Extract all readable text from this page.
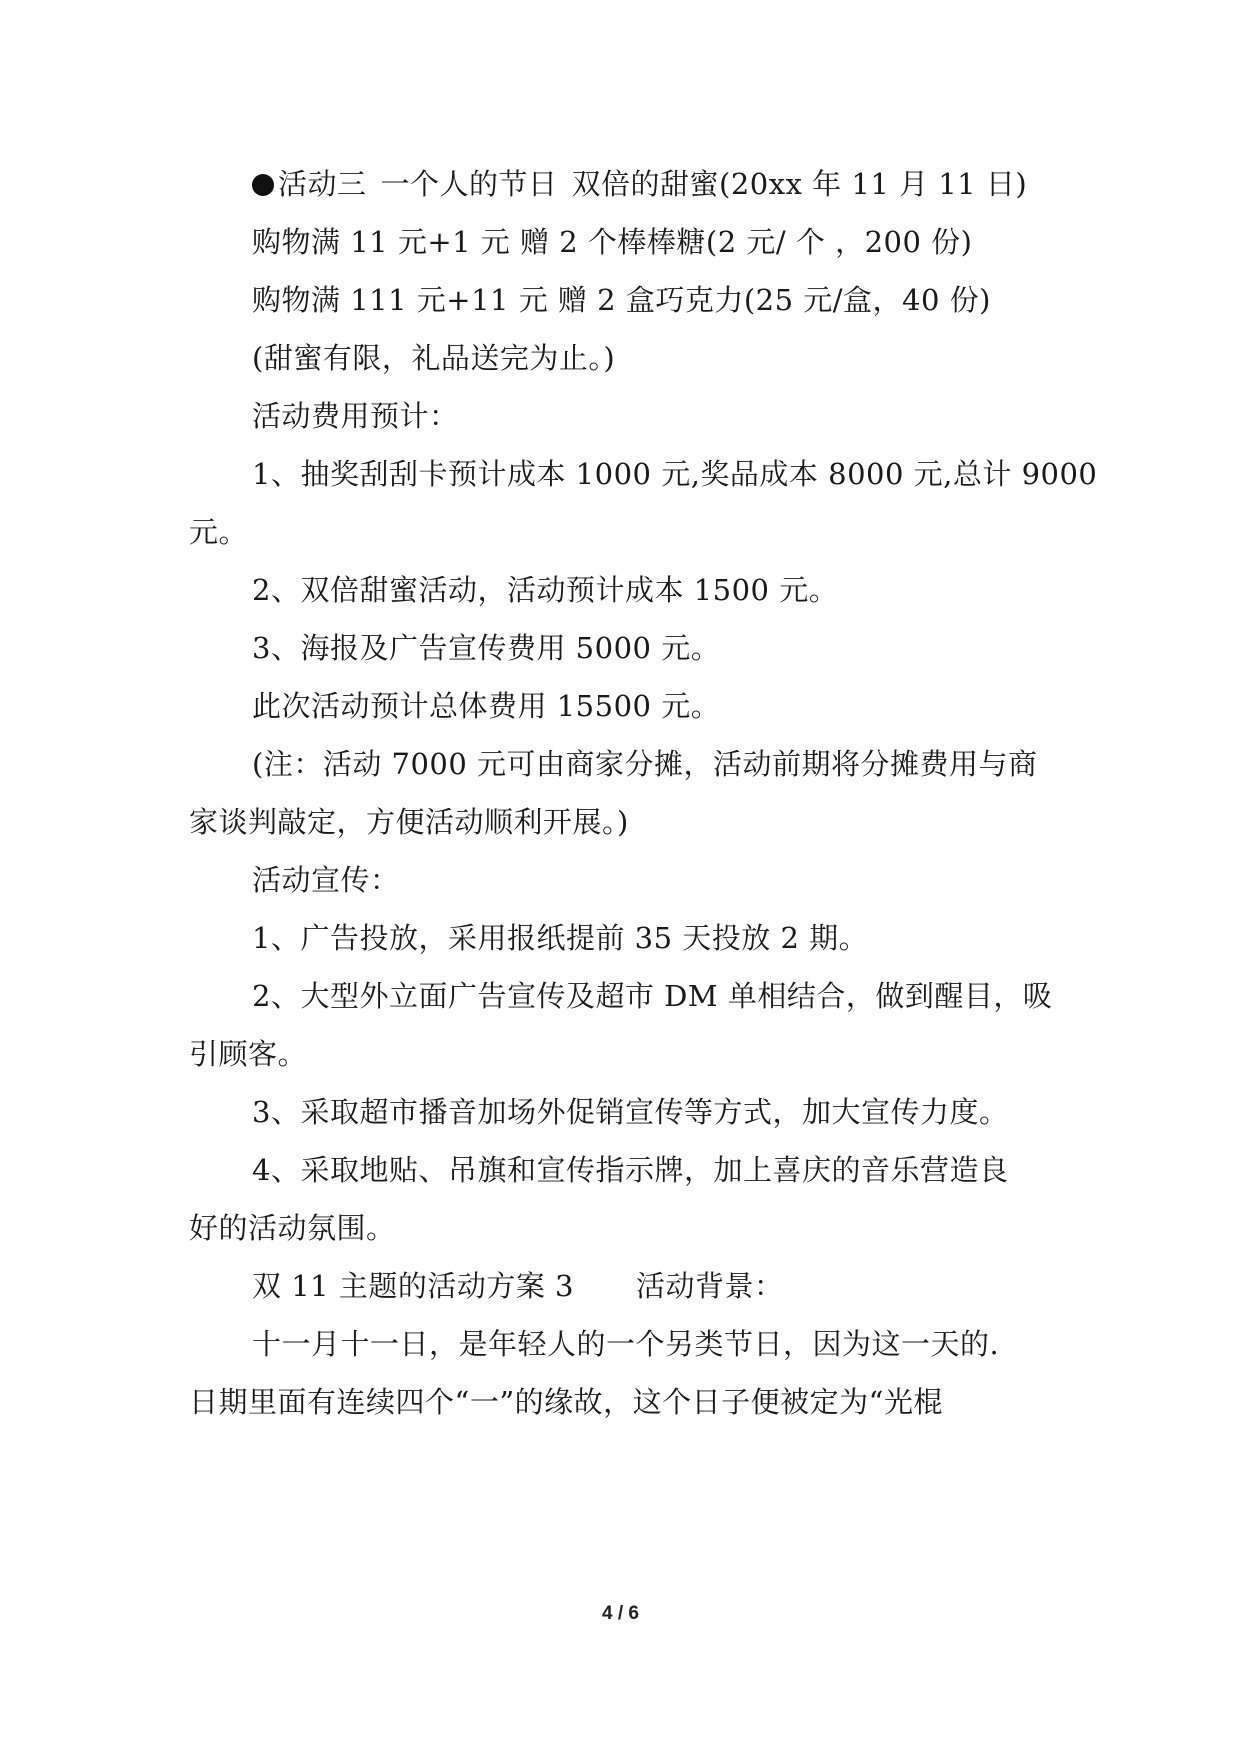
活动三 一个人的节日 双倍的甜蜜(20xx 年 11 月 11 日)
购物满 11 元+1 元 赠 2 个棒棒糖(2 元/ 个 ，200 份)
购物满 111 元+11 元 赠 2 盒巧克力(25 元/盒，40 份)
(甜蜜有限，礼品送完为止。)
活动费用预计：
1、抽奖刮刮卡预计成本 1000 元,奖品成本 8000 元,总计 9000
元。
2、双倍甜蜜活动，活动预计成本 1500 元。
3、海报及广告宣传费用 5000 元。
此次活动预计总体费用 15500 元。
(注：活动 7000 元可由商家分摊，活动前期将分摊费用与商
家谈判敲定，方便活动顺利开展。)
活动宣传：
1、广告投放，采用报纸提前 35 天投放 2 期。
2、大型外立面广告宣传及超市 DM 单相结合，做到醒目，吸
引顾客。
3、采取超市播音加场外促销宣传等方式，加大宣传力度。
4、采取地贴、吊旗和宣传指示牌，加上喜庆的音乐营造良
好的活动氛围。
双 11 主题的活动方案 3 活动背景：
十一月十一日，是年轻人的一个另类节日，因为这一天的.
日期里面有连续四个“一”的缘故，这个日子便被定为“光棍
4 / 6
